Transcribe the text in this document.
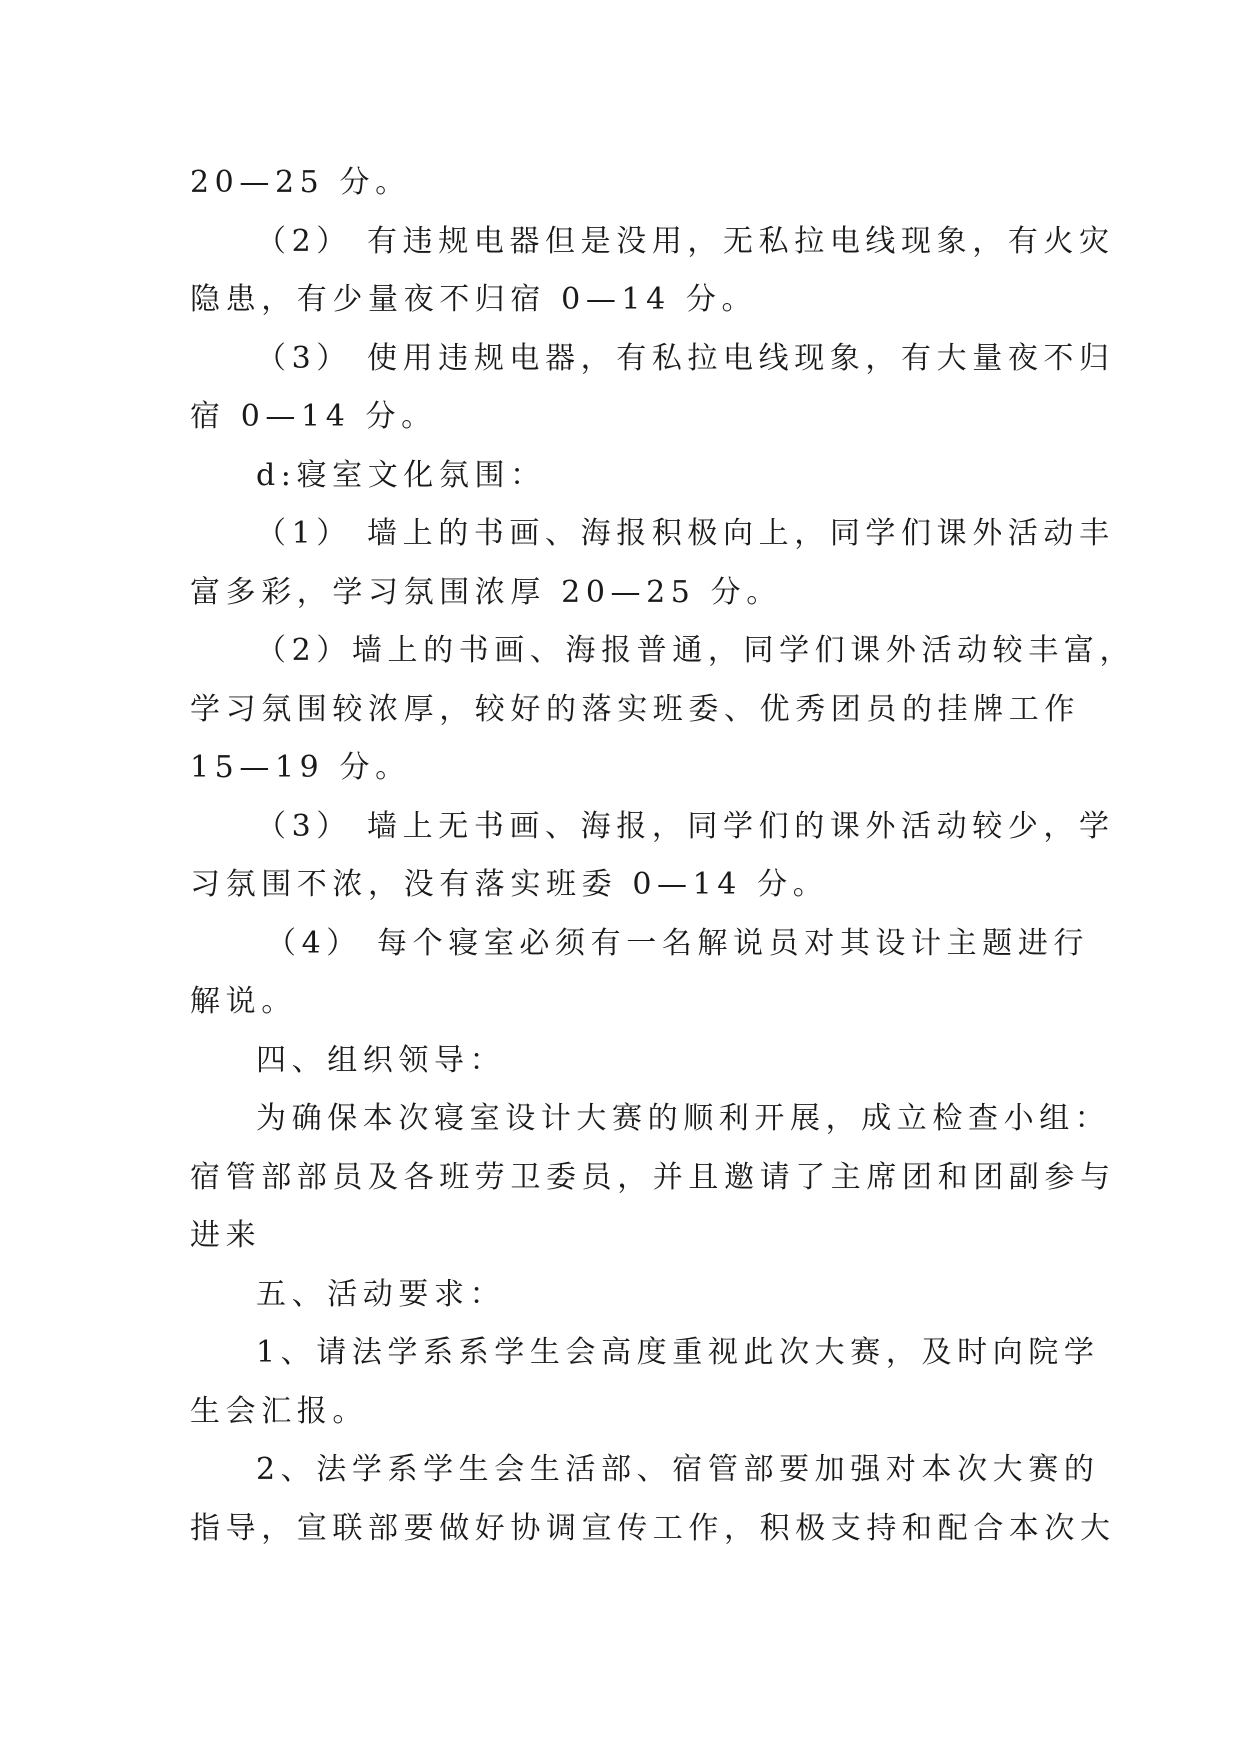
20—25 分。
（2） 有违规电器但是没用，无私拉电线现象，有火灾
隐患，有少量夜不归宿 0—14 分。
（3） 使用违规电器，有私拉电线现象，有大量夜不归
宿 0—14 分。
d:寝室文化氛围：
（1） 墙上的书画、海报积极向上，同学们课外活动丰
富多彩，学习氛围浓厚 20—25 分。
（2）墙上的书画、海报普通，同学们课外活动较丰富，
学习氛围较浓厚，较好的落实班委、优秀团员的挂牌工作
15—19 分。
（3） 墙上无书画、海报，同学们的课外活动较少，学
习氛围不浓，没有落实班委 0—14 分。
（4） 每个寝室必须有一名解说员对其设计主题进行
解说。
四、组织领导：
为确保本次寝室设计大赛的顺利开展，成立检查小组：
宿管部部员及各班劳卫委员，并且邀请了主席团和团副参与
进来
五、活动要求：
1、请法学系系学生会高度重视此次大赛，及时向院学
生会汇报。
2、法学系学生会生活部、宿管部要加强对本次大赛的
指导，宣联部要做好协调宣传工作，积极支持和配合本次大
